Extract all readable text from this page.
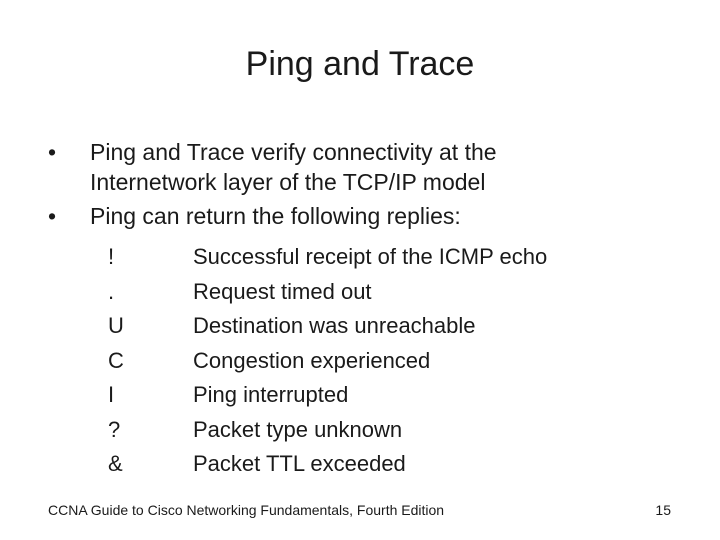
Ping and Trace
•	Ping and Trace verify connectivity at the
Internetwork layer of the TCP/IP model
•	Ping can return the following replies:
!	Successful receipt of the ICMP echo
.	Request timed out
U	Destination was unreachable
C	Congestion experienced
I	Ping interrupted
?	Packet type unknown
&	Packet TTL exceeded
CCNA Guide to Cisco Networking Fundamentals, Fourth Edition	15
